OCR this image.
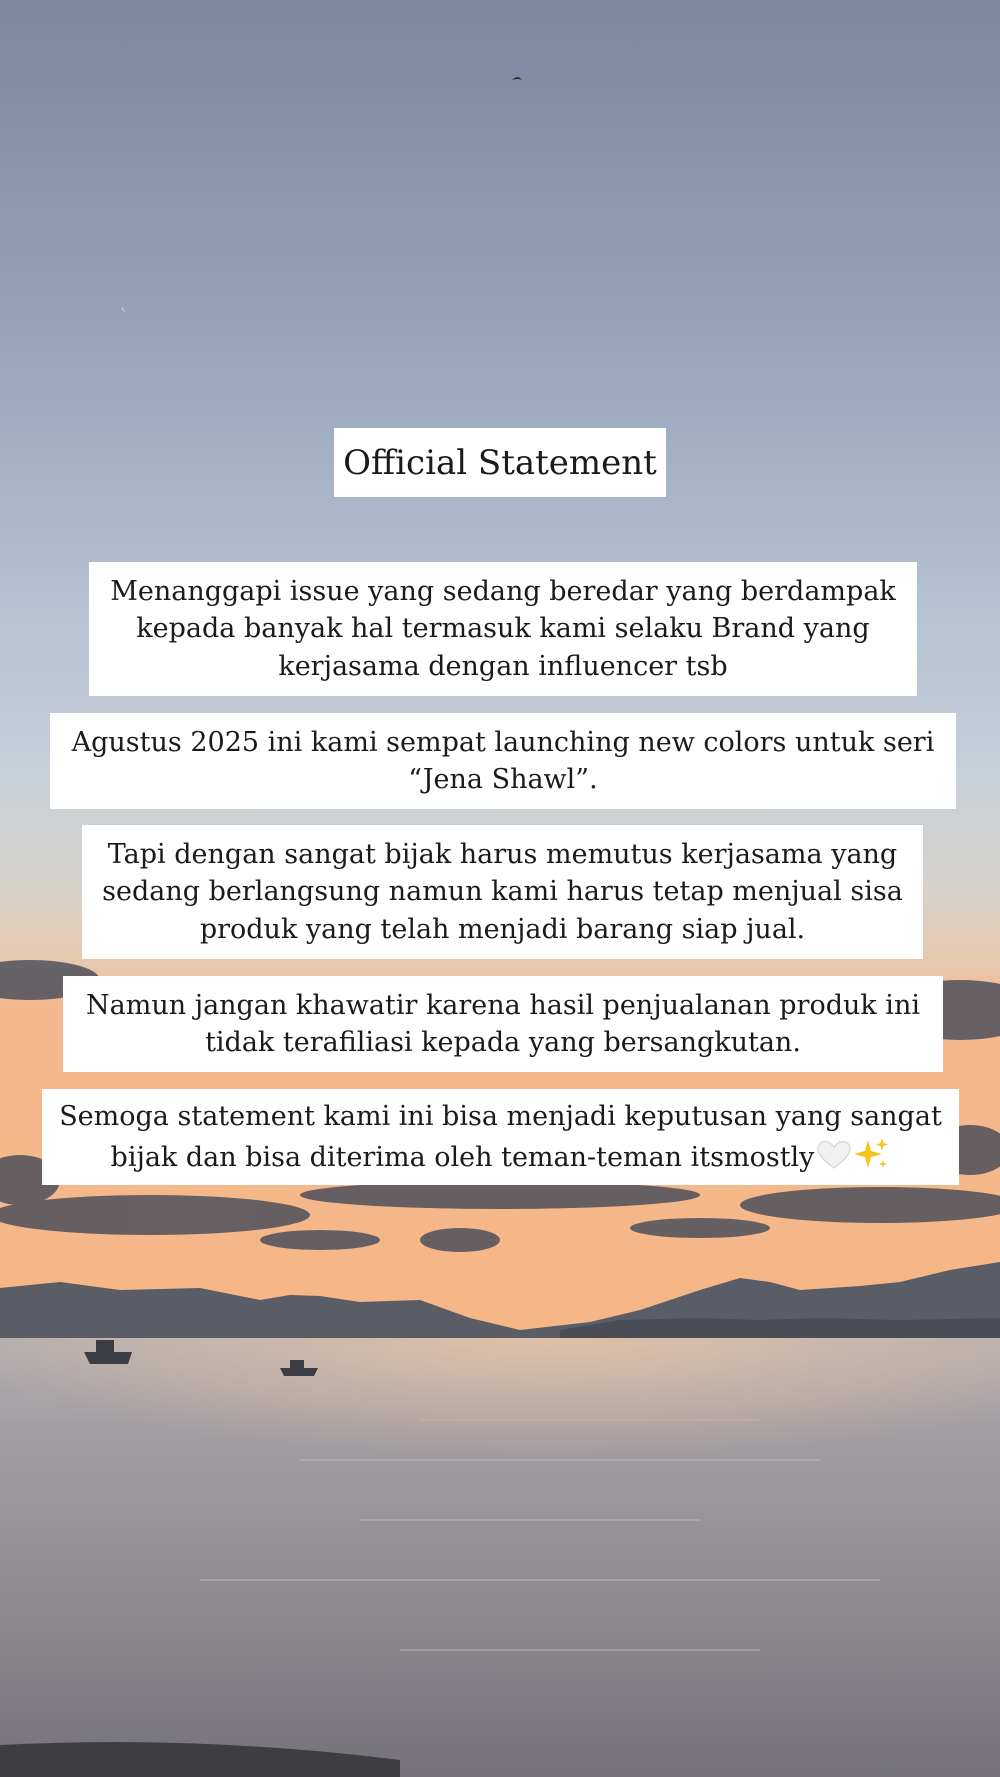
Official Statement
Menanggapi issue yang sedang beredar yang berdampak
kepada banyak hal termasuk kami selaku Brand yang
kerjasama dengan influencer tsb
Agustus 2025 ini kami sempat launching new colors untuk seri
“Jena Shawl”.
Tapi dengan sangat bijak harus memutus kerjasama yang
sedang berlangsung namun kami harus tetap menjual sisa
produk yang telah menjadi barang siap jual.
Namun jangan khawatir karena hasil penjualanan produk ini
tidak terafiliasi kepada yang bersangkutan.
Semoga statement kami ini bisa menjadi keputusan yang sangat
bijak dan bisa diterima oleh teman-teman itsmostly
